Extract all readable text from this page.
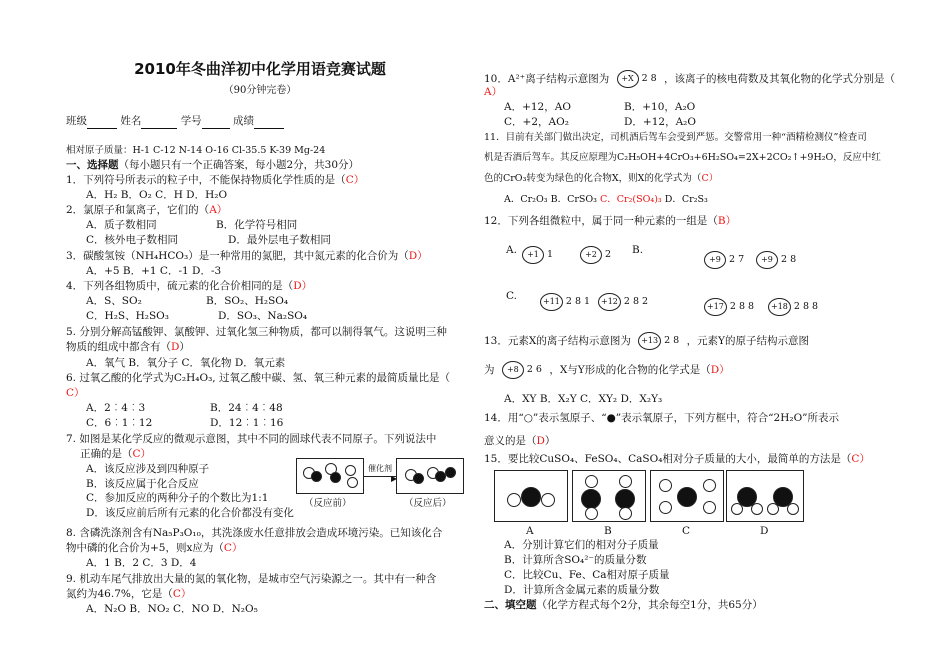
2010年冬曲洋初中化学用语竞赛试题
（90分钟完卷）
班级	姓名	学号	成绩
相对原子质量：H-1 C-12 N-14 O-16 Cl-35.5 K-39 Mg-24
一、选择题（每小题只有一个正确答案，每小题2分，共30分）
1．下列符号所表示的粒子中，不能保持物质化学性质的是（C）
A．H₂ B．O₂ C．H D．H₂O
2．氯原子和氯离子，它们的（A）
A．质子数相同	B．化学符号相同
C．核外电子数相同	D．最外层电子数相同
3．碳酸氢铵（NH₄HCO₃）是一种常用的氮肥，其中氮元素的化合价为（D）
A．+5 B．+1 C．-1 D．-3
4．下列各组物质中，硫元素的化合价相同的是（D）
A．S、SO₂	B．SO₂、H₂SO₄
C．H₂S、H₂SO₃	D．SO₃、Na₂SO₄
5. 分别分解高锰酸钾、氯酸钾、过氧化氢三种物质，都可以制得氧气。这说明三种
物质的组成中都含有（D）
A．氧气 B．氧分子 C．氧化物 D．氧元素
6. 过氧乙酸的化学式为C₂H₄O₃, 过氧乙酸中碳、氢、氧三种元素的最简质量比是（
C）
A．2︰4︰3	B．24︰4︰48
C．6︰1︰12	D．12︰1︰16
7. 如图是某化学反应的微观示意图，其中不同的圆球代表不同原子。下列说法中
正确的是（C）
A．该反应涉及到四种原子
B．该反应属于化合反应
C．参加反应的两种分子的个数比为1:1
D．该反应前后所有元素的化合价都没有变化
8. 含磷洗涤剂含有Na₅P₃O₁₀，其洗涤废水任意排放会造成环境污染。已知该化合
物中磷的化合价为+5，则x应为（C）
A．1 B．2 C．3 D．4
9. 机动车尾气排放出大量的氮的氧化物，是城市空气污染源之一。其中有一种含
氮约为46.7%，它是（C）
A．N₂O B．NO₂ C．NO D．N₂O₅
催化剂
▶
（反应前）	（反应后）
10．A²⁺离子结构示意图为 +X 2 8 ，该离子的核电荷数及其氧化物的化学式分别是（
A）
A．+12，AO	B．+10，A₂O
C．+2，AO₂	D．+12，A₂O
11．目前有关部门做出决定，司机酒后驾车会受到严惩。交警常用一种“酒精检测仪”检查司
机是否酒后驾车。其反应原理为C₂H₅OH+4CrO₃+6H₂SO₄=2X+2CO₂↑+9H₂O，反应中红
色的CrO₃转变为绿色的化合物X，则X的化学式为（C）
A．Cr₂O₃ B．CrSO₃ C．Cr₂(SO₄)₃ D．Cr₂S₃
12．下列各组微粒中，属于同一种元素的一组是（B）
A.	+1 1	+2 2 B.
+9 2 7	+9 2 8
C.	+11 2 8 1	+12 2 8 2	+17 2 8 8	+18 2 8 8
13．元素X的离子结构示意图为 +13 2 8 ，元素Y的原子结构示意图
为 +8 2 6 ，X与Y形成的化合物的化学式是（D）
A．XY B．X₂Y C．XY₂ D．X₂Y₃
14．用“○”表示氢原子、“●”表示氧原子，下列方框中，符合“2H₂O”所表示
意义的是（D）
15．要比较CuSO₄、FeSO₄、CaSO₄相对分子质量的大小，最简单的方法是（C）
A．分别计算它们的相对分子质量
B．计算所含SO₄²⁻的质量分数
C．比较Cu、Fe、Ca相对原子质量
D．计算所含金属元素的质量分数
二、填空题（化学方程式每个2分，其余每空1分，共65分）
A	B	C	D
